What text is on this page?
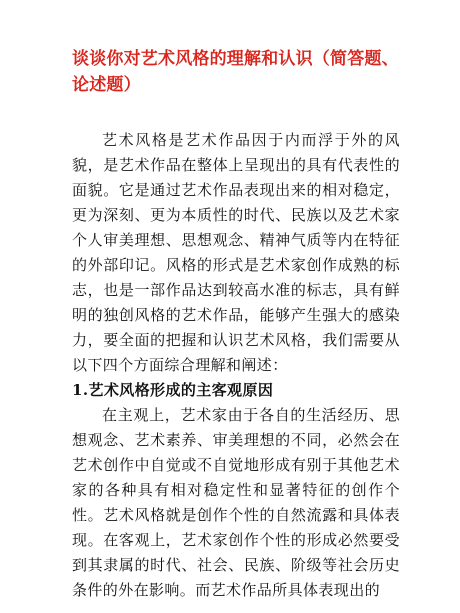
谈谈你对艺术风格的理解和认识（简答题、论述题）

艺术风格是艺术作品因于内而浮于外的风貌，是艺术作品在整体上呈现出的具有代表性的面貌。它是通过艺术作品表现出来的相对稳定，更为深刻、更为本质性的时代、民族以及艺术家个人审美理想、思想观念、精神气质等内在特征的外部印记。风格的形式是艺术家创作成熟的标志，也是一部作品达到较高水准的标志，具有鲜明的独创风格的艺术作品，能够产生强大的感染力，要全面的把握和认识艺术风格，我们需要从以下四个方面综合理解和阐述：

1.艺术风格形成的主客观原因

在主观上，艺术家由于各自的生活经历、思想观念、艺术素养、审美理想的不同，必然会在艺术创作中自觉或不自觉地形成有别于其他艺术家的各种具有相对稳定性和显著特征的创作个性。艺术风格就是创作个性的自然流露和具体表现。在客观上，艺术家创作个性的形成必然要受到其隶属的时代、社会、民族、阶级等社会历史条件的外在影响。而艺术作品所具体表现出的
